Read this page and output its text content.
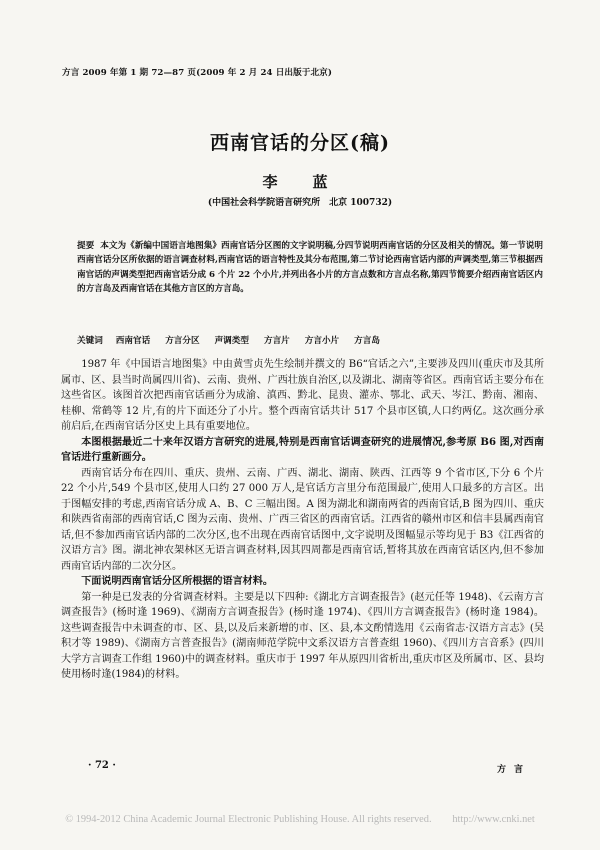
方言 2009 年第 1 期 72—87 页(2009 年 2 月 24 日出版于北京)
西南官话的分区(稿)
李　蓝
(中国社会科学院语言研究所　北京 100732)
提要 本文为《新编中国语言地图集》西南官话分区图的文字说明稿,分四节说明西南官话的分区及相关的情况。第一节说明西南官话分区所依据的语言调查材料,西南官话的语言特性及其分布范围,第二节讨论西南官话内部的声调类型,第三节根据西南官话的声调类型把西南官话分成 6 个片 22 个小片,并列出各小片的方言点数和方言点名称,第四节简要介绍西南官话区内的方言岛及西南官话在其他方言区的方言岛。
关键词 西南官话 方言分区 声调类型 方言片 方言小片 方言岛

1987 年《中国语言地图集》中由黄雪贞先生绘制并撰文的 B6“官话之六”,主要涉及四川(重庆市及其所属市、区、县当时尚属四川省)、云南、贵州、广西壮族自治区,以及湖北、湖南等省区。西南官话主要分布在这些省区。该图首次把西南官话画分为成渝、滇西、黔北、昆贵、灌赤、鄂北、武天、岑江、黔南、湘南、桂柳、常鹤等 12 片,有的片下面还分了小片。整个西南官话共计 517 个县市区镇,人口约两亿。这次画分承前启后,在西南官话分区史上具有重要地位。

本图根据最近二十来年汉语方言研究的进展,特别是西南官话调查研究的进展情况,参考原 B6 图,对西南官话进行重新画分。

西南官话分布在四川、重庆、贵州、云南、广西、湖北、湖南、陕西、江西等 9 个省市区,下分 6 个片 22 个小片,549 个县市区,使用人口约 27 000 万人,是官话方言里分布范围最广,使用人口最多的方言区。出于图幅安排的考虑,西南官话分成 A、B、C 三幅出图。A 图为湖北和湖南两省的西南官话,B 图为四川、重庆和陕西省南部的西南官话,C 图为云南、贵州、广西三省区的西南官话。江西省的赣州市区和信丰县属西南官话,但不参加西南官话内部的二次分区,也不出现在西南官话图中,文字说明及图幅显示等均见于 B3《江西省的汉语方言》图。湖北神农架林区无语言调查材料,因其四周都是西南官话,暂将其放在西南官话区内,但不参加西南官话内部的二次分区。

下面说明西南官话分区所根据的语言材料。

第一种是已发表的分省调查材料。主要是以下四种:《湖北方言调查报告》(赵元任等 1948)、《云南方言调查报告》(杨时逢 1969)、《湖南方言调查报告》(杨时逢 1974)、《四川方言调查报告》(杨时逢 1984)。这些调查报告中未调查的市、区、县,以及后来新增的市、区、县,本文酌情选用《云南省志·汉语方言志》(吴积才等 1989)、《湖南方言普查报告》(湖南师范学院中文系汉语方言普查组 1960)、《四川方言音系》(四川大学方言调查工作组 1960)中的调查材料。重庆市于 1997 年从原四川省析出,重庆市区及所属市、区、县均使用杨时逢(1984)的材料。

· 72 ·	方言
© 1994-2012 China Academic Journal Electronic Publishing House. All rights reserved.　　http://www.cnki.net
